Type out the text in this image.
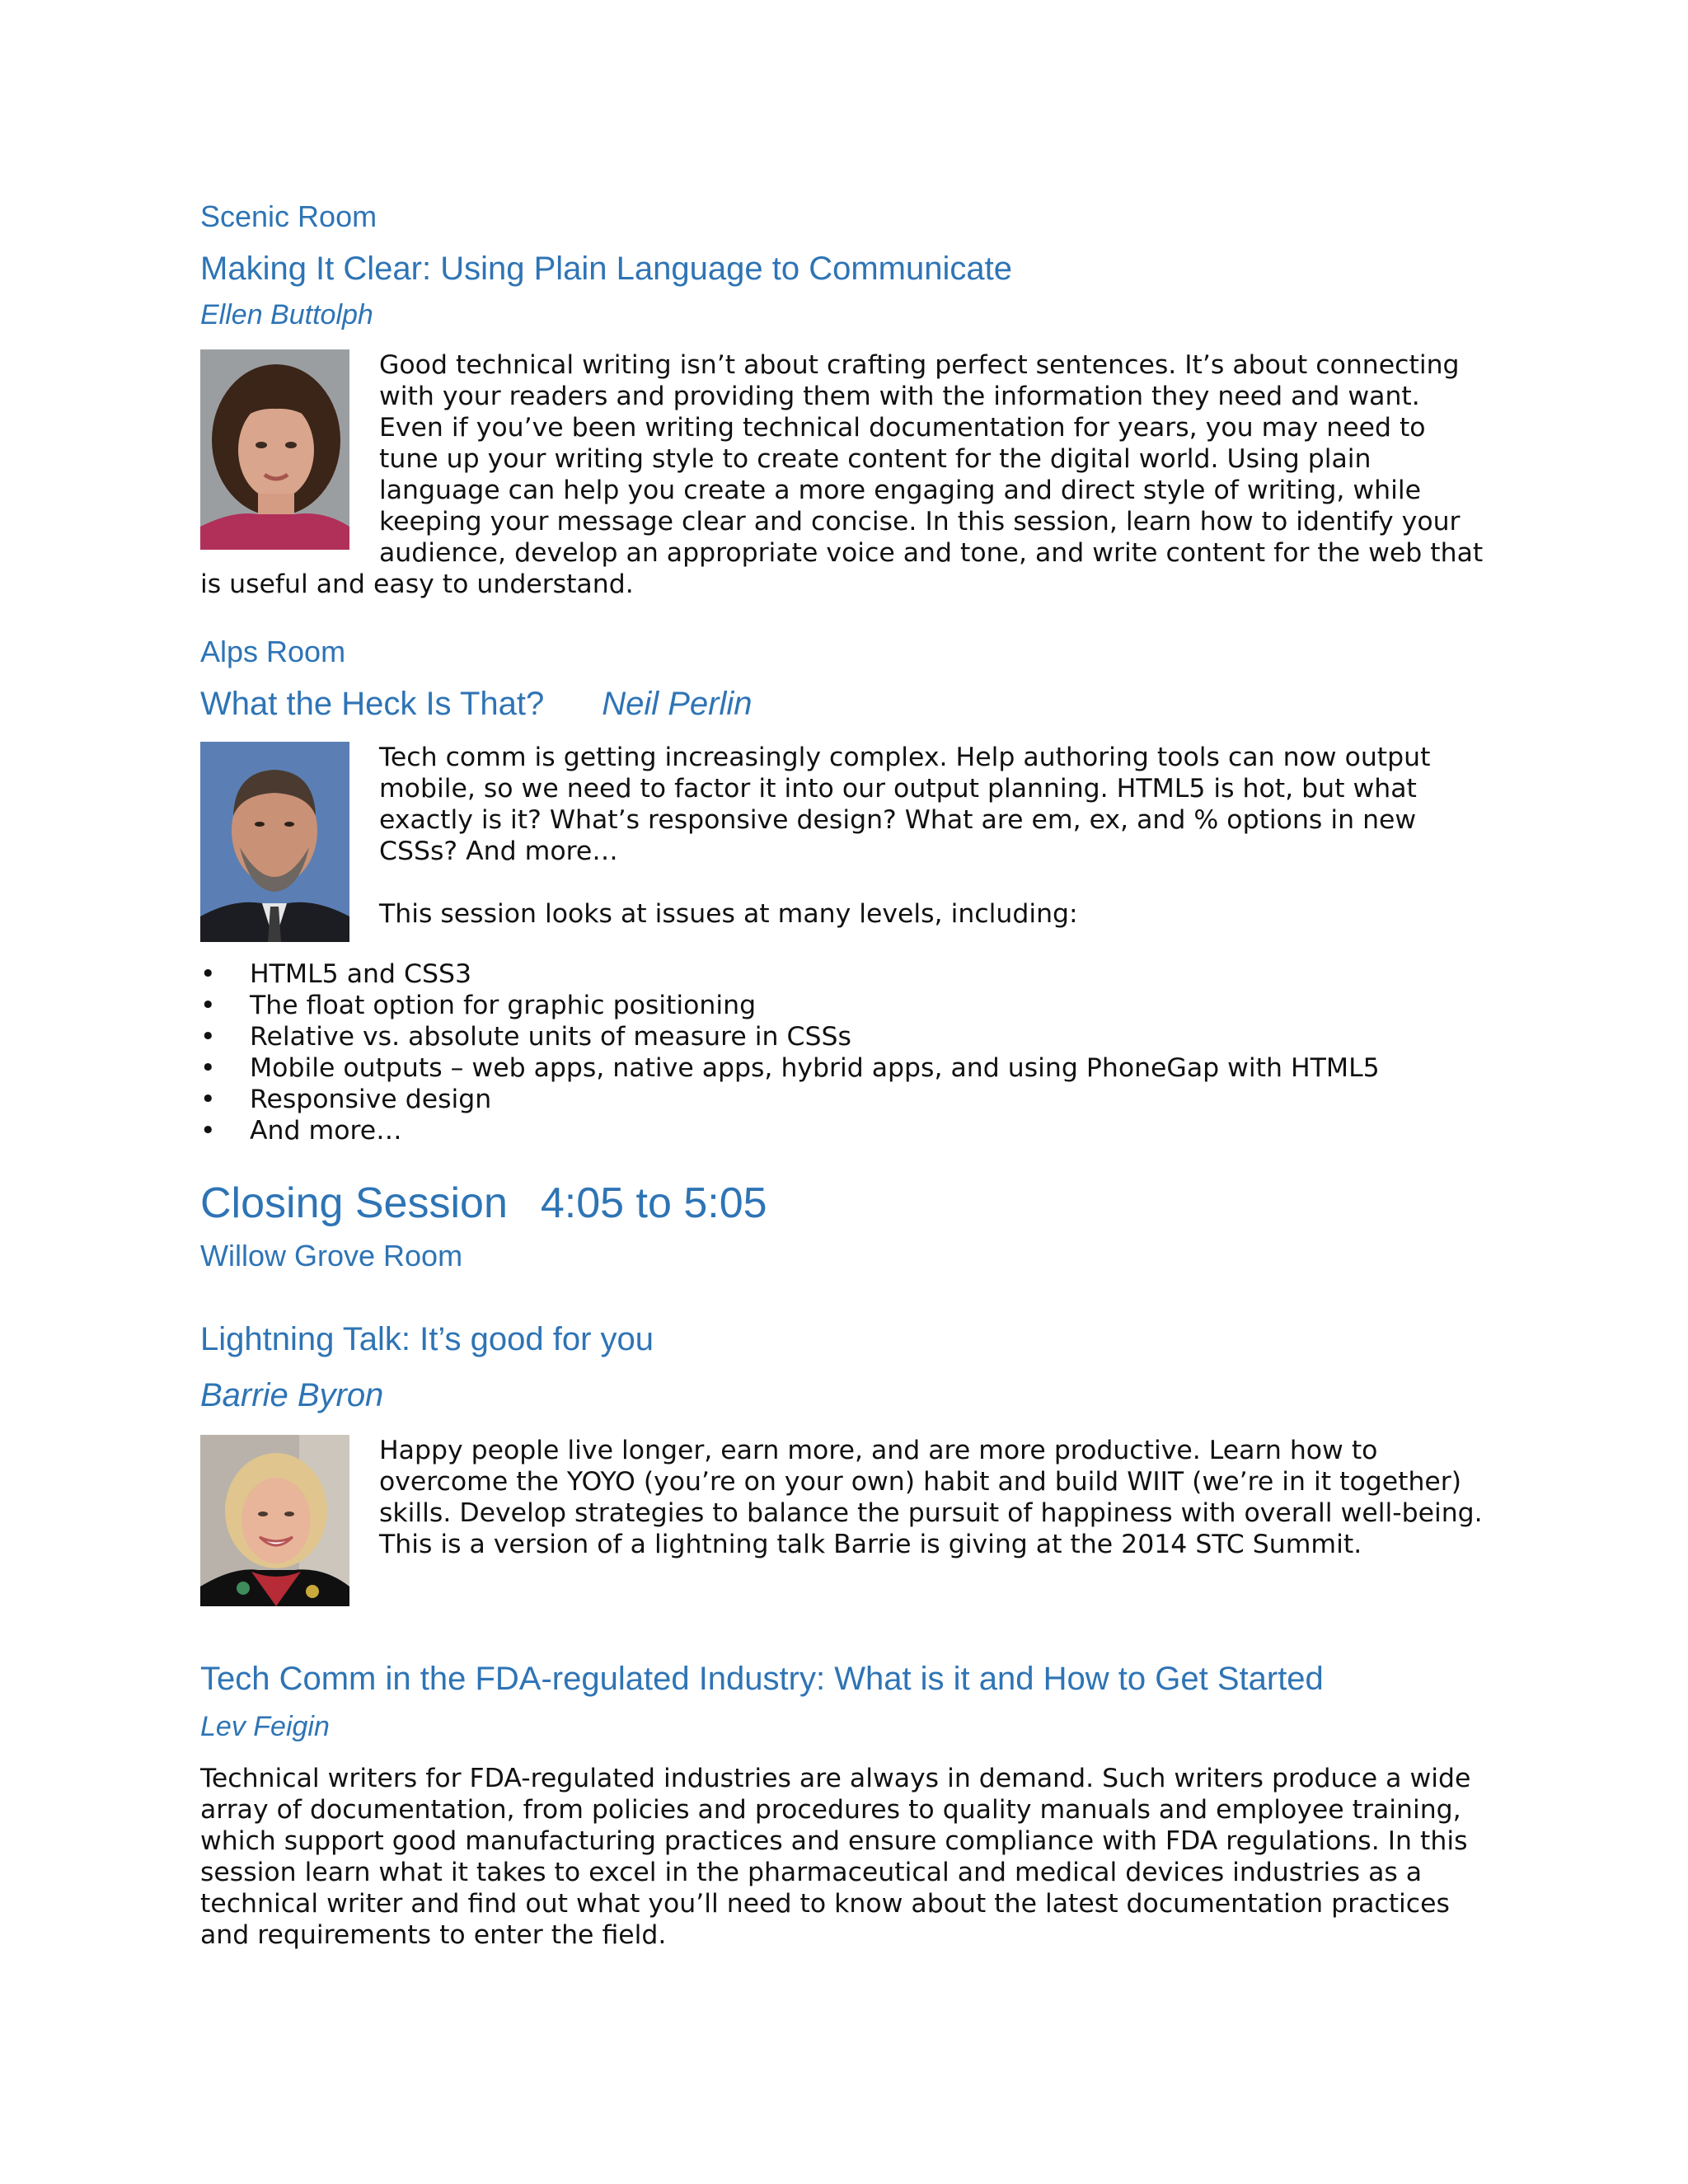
Scenic Room

Making It Clear: Using Plain Language to Communicate

Ellen Buttolph

Good technical writing isn’t about crafting perfect sentences. It’s about connecting with your readers and providing them with the information they need and want. Even if you’ve been writing technical documentation for years, you may need to tune up your writing style to create content for the digital world. Using plain language can help you create a more engaging and direct style of writing, while keeping your message clear and concise. In this session, learn how to identify your audience, develop an appropriate voice and tone, and write content for the web that is useful and easy to understand.

Alps Room

What the Heck Is That? Neil Perlin

Tech comm is getting increasingly complex. Help authoring tools can now output mobile, so we need to factor it into our output planning. HTML5 is hot, but what exactly is it? What’s responsive design? What are em, ex, and % options in new CSSs? And more…

This session looks at issues at many levels, including:

• HTML5 and CSS3
• The float option for graphic positioning
• Relative vs. absolute units of measure in CSSs
• Mobile outputs – web apps, native apps, hybrid apps, and using PhoneGap with HTML5
• Responsive design
• And more…

Closing Session 4:05 to 5:05

Willow Grove Room

Lightning Talk: It’s good for you

Barrie Byron

Happy people live longer, earn more, and are more productive. Learn how to overcome the YOYO (you’re on your own) habit and build WIIT (we’re in it together) skills. Develop strategies to balance the pursuit of happiness with overall well-being. This is a version of a lightning talk Barrie is giving at the 2014 STC Summit.

Tech Comm in the FDA-regulated Industry: What is it and How to Get Started

Lev Feigin

Technical writers for FDA-regulated industries are always in demand. Such writers produce a wide array of documentation, from policies and procedures to quality manuals and employee training, which support good manufacturing practices and ensure compliance with FDA regulations. In this session learn what it takes to excel in the pharmaceutical and medical devices industries as a technical writer and find out what you’ll need to know about the latest documentation practices and requirements to enter the field.
